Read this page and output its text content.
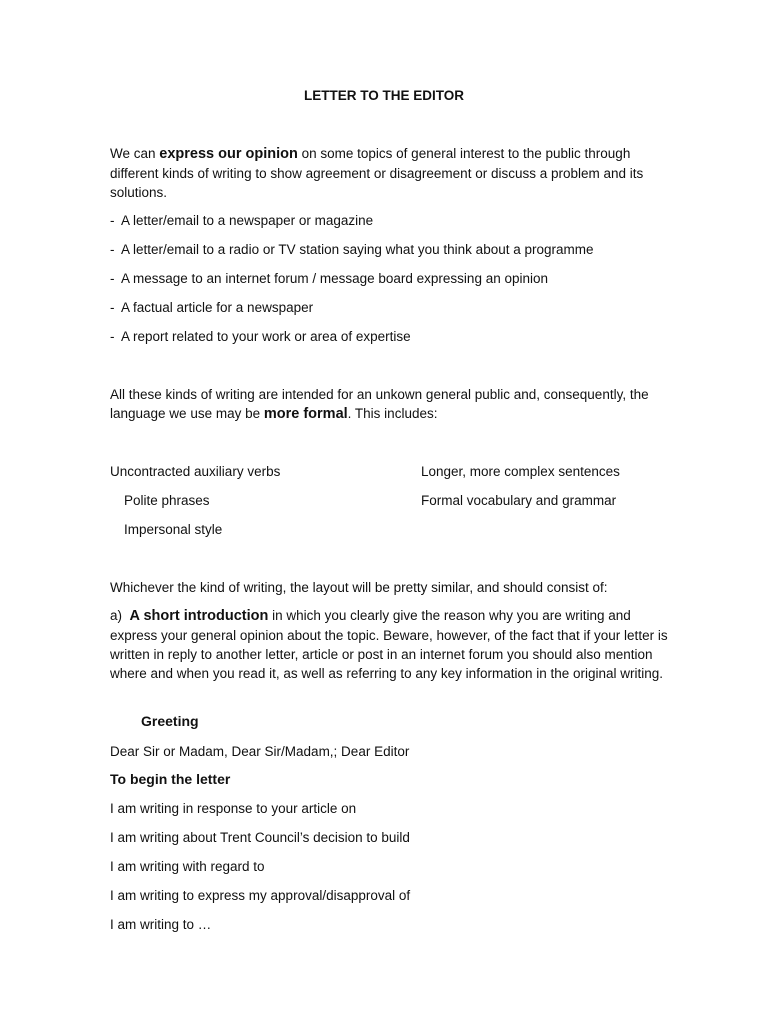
LETTER TO THE EDITOR

We can express our opinion on some topics of general interest to the public through different kinds of writing to show agreement or disagreement or discuss a problem and its solutions.

- A letter/email to a newspaper or magazine
- A letter/email to a radio or TV station saying what you think about a programme
- A message to an internet forum / message board expressing an opinion
- A factual article for a newspaper
- A report related to your work or area of expertise

All these kinds of writing are intended for an unkown general public and, consequently, the language we use may be more formal. This includes:

Uncontracted auxiliary verbs
Polite phrases
Impersonal style
Longer, more complex sentences
Formal vocabulary and grammar
Whichever the kind of writing, the layout will be pretty similar, and should consist of:

a) A short introduction in which you clearly give the reason why you are writing and express your general opinion about the topic. Beware, however, of the fact that if your letter is written in reply to another letter, article or post in an internet forum you should also mention where and when you read it, as well as referring to any key information in the original writing.

Greeting
Dear Sir or Madam, Dear Sir/Madam,; Dear Editor
To begin the letter
I am writing in response to your article on
I am writing about Trent Council’s decision to build
I am writing with regard to
I am writing to express my approval/disapproval of
I am writing to …
